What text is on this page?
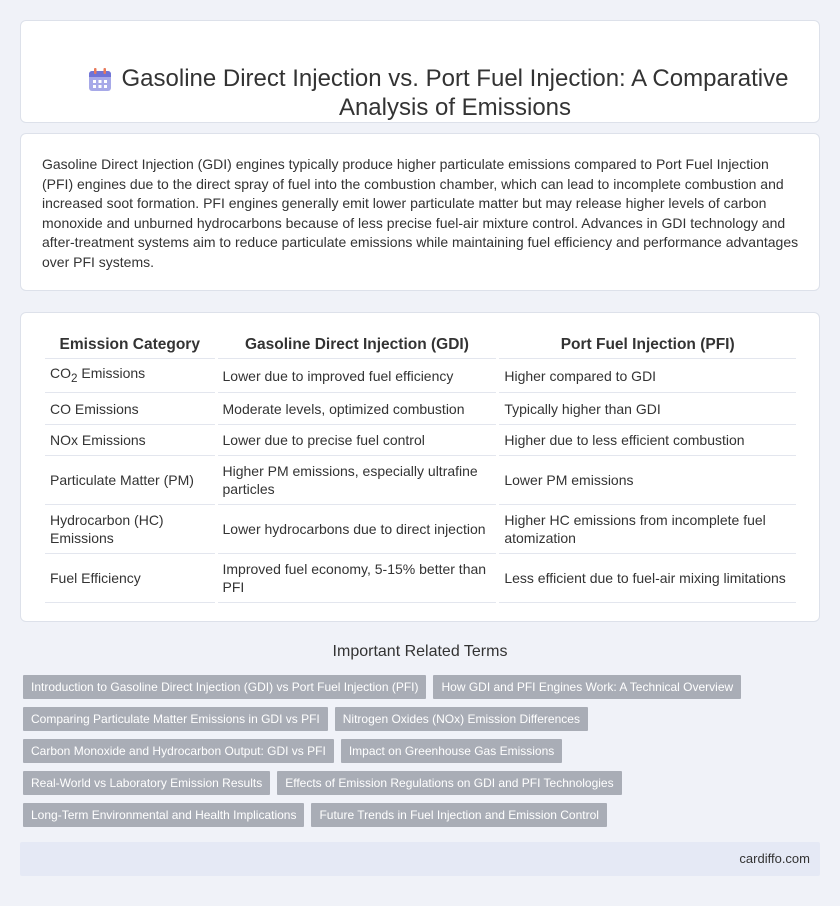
Gasoline Direct Injection vs. Port Fuel Injection: A Comparative Analysis of Emissions

Gasoline Direct Injection (GDI) engines typically produce higher particulate emissions compared to Port Fuel Injection (PFI) engines due to the direct spray of fuel into the combustion chamber, which can lead to incomplete combustion and increased soot formation. PFI engines generally emit lower particulate matter but may release higher levels of carbon monoxide and unburned hydrocarbons because of less precise fuel-air mixture control. Advances in GDI technology and after-treatment systems aim to reduce particulate emissions while maintaining fuel efficiency and performance advantages over PFI systems.

Emission Category	Gasoline Direct Injection (GDI)	Port Fuel Injection (PFI)
$CO_2$ Emissions	Lower due to improved fuel efficiency	Higher compared to GDI
CO Emissions	Moderate levels, optimized combustion	Typically higher than GDI
NOx Emissions	Lower due to precise fuel control	Higher due to less efficient combustion
Particulate Matter (PM)	Higher PM emissions, especially ultrafine particles	Lower PM emissions
Hydrocarbon (HC) Emissions	Lower hydrocarbons due to direct injection	Higher HC emissions from incomplete fuel atomization
Fuel Efficiency	Improved fuel economy, 5-15% better than PFI	Less efficient due to fuel-air mixing limitations
Important Related Terms
Introduction to Gasoline Direct Injection (GDI) vs Port Fuel Injection (PFI)	How GDI and PFI Engines Work: A Technical Overview
Comparing Particulate Matter Emissions in GDI vs PFI	Nitrogen Oxides (NOx) Emission Differences
Carbon Monoxide and Hydrocarbon Output: GDI vs PFI	Impact on Greenhouse Gas Emissions
Real-World vs Laboratory Emission Results	Effects of Emission Regulations on GDI and PFI Technologies
Long-Term Environmental and Health Implications	Future Trends in Fuel Injection and Emission Control
cardiffo.com
